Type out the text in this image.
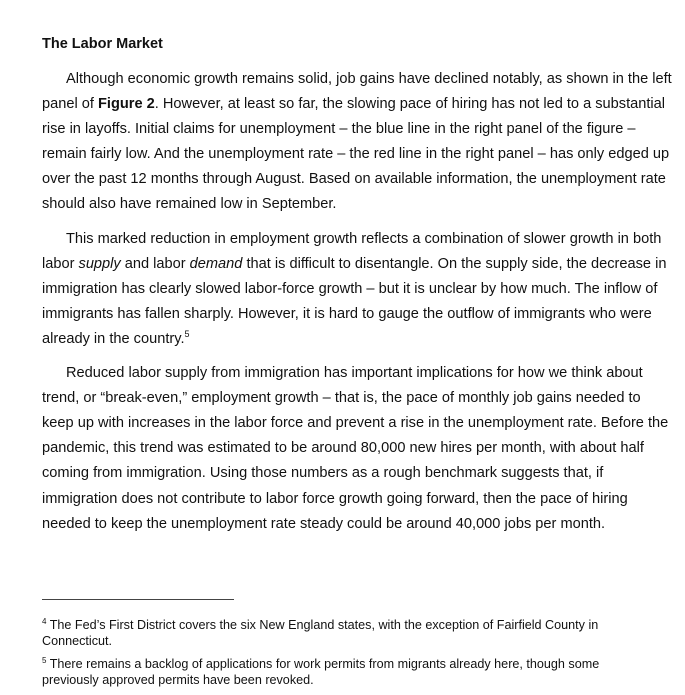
The Labor Market

Although economic growth remains solid, job gains have declined notably, as shown in the left panel of Figure 2. However, at least so far, the slowing pace of hiring has not led to a substantial rise in layoffs. Initial claims for unemployment – the blue line in the right panel of the figure – remain fairly low. And the unemployment rate – the red line in the right panel – has only edged up over the past 12 months through August. Based on available information, the unemployment rate should also have remained low in September.

This marked reduction in employment growth reflects a combination of slower growth in both labor supply and labor demand that is difficult to disentangle. On the supply side, the decrease in immigration has clearly slowed labor-force growth – but it is unclear by how much. The inflow of immigrants has fallen sharply. However, it is hard to gauge the outflow of immigrants who were already in the country.$^5$

Reduced labor supply from immigration has important implications for how we think about trend, or “break-even,” employment growth – that is, the pace of monthly job gains needed to keep up with increases in the labor force and prevent a rise in the unemployment rate. Before the pandemic, this trend was estimated to be around 80,000 new hires per month, with about half coming from immigration. Using those numbers as a rough benchmark suggests that, if immigration does not contribute to labor force growth going forward, then the pace of hiring needed to keep the unemployment rate steady could be around 40,000 jobs per month.

$^4$ The Fed’s First District covers the six New England states, with the exception of Fairfield County in Connecticut.

$^5$ There remains a backlog of applications for work permits from migrants already here, though some previously approved permits have been revoked.
